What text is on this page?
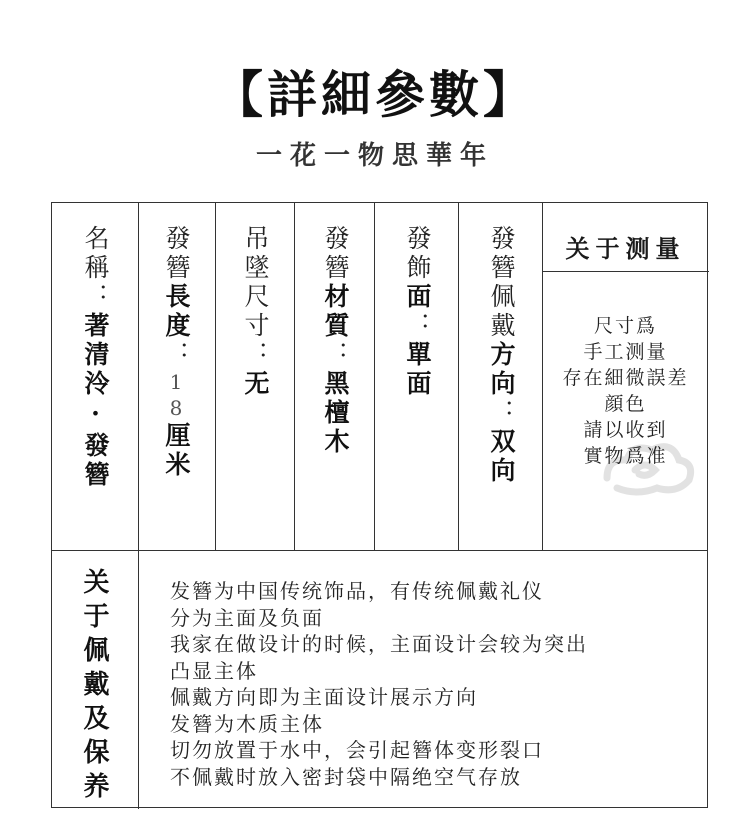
【詳細參數】
一花一物思華年
名稱：著清泠·發簪
發簪長度：18厘米
吊墜尺寸：无
發簪材質：黑檀木
發飾面：單面
發簪佩戴方向：双向
关于测量
尺寸爲
手工测量
存在細微誤差
顔色
請以收到
實物爲准
关于佩戴及保养	发簪为中国传统饰品，有传统佩戴礼仪
分为主面及负面
我家在做设计的时候，主面设计会较为突出
凸显主体
佩戴方向即为主面设计展示方向
发簪为木质主体
切勿放置于水中，会引起簪体变形裂口
不佩戴时放入密封袋中隔绝空气存放
